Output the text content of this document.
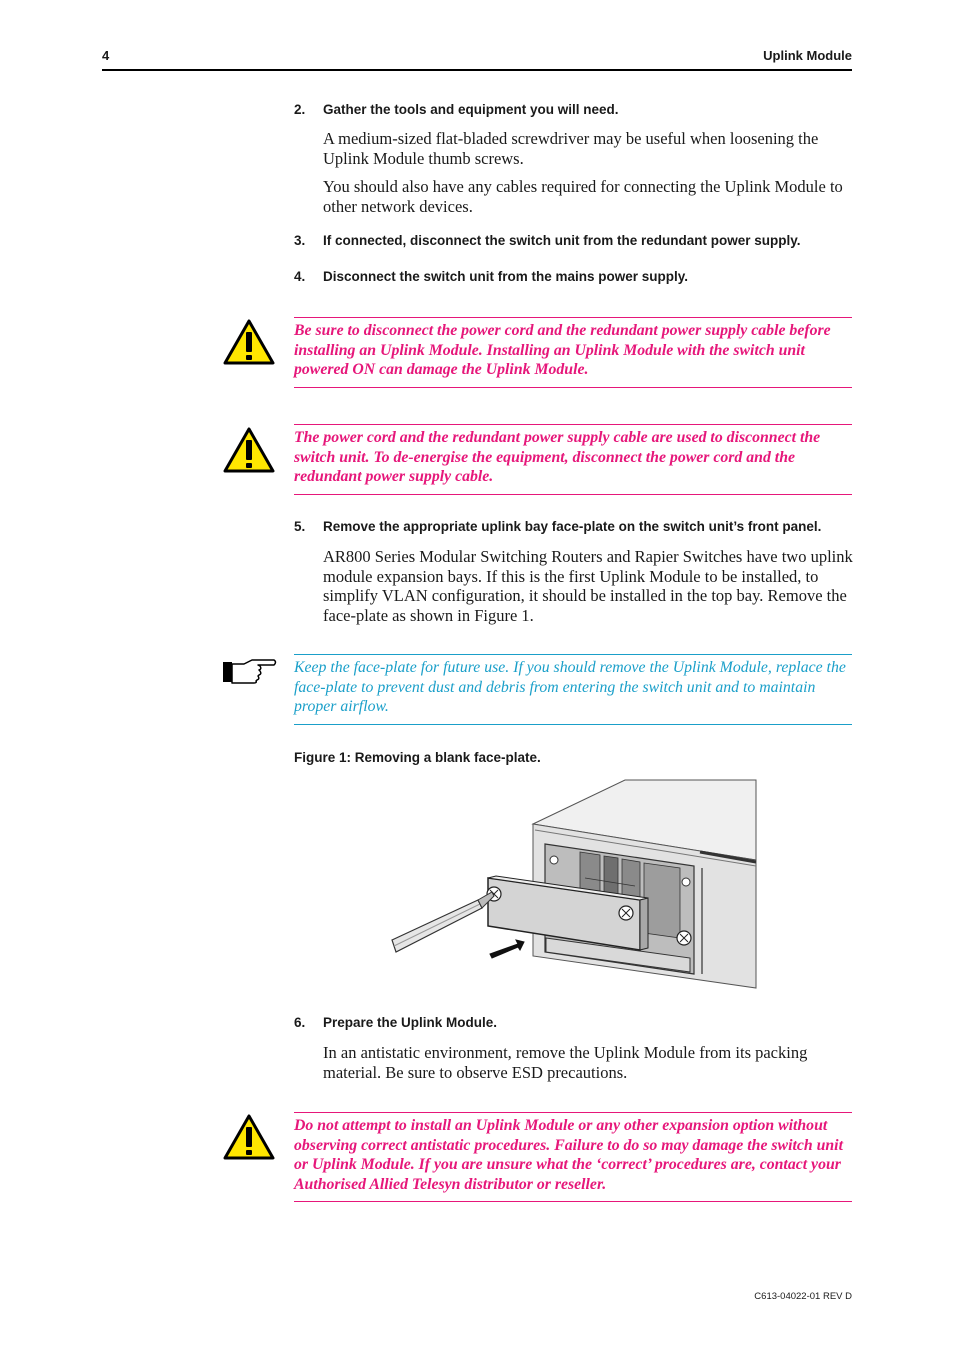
4	Uplink Module
2. Gather the tools and equipment you will need.
A medium-sized flat-bladed screwdriver may be useful when loosening the Uplink Module thumb screws.
You should also have any cables required for connecting the Uplink Module to other network devices.
3. If connected, disconnect the switch unit from the redundant power supply.
4. Disconnect the switch unit from the mains power supply.
Be sure to disconnect the power cord and the redundant power supply cable before installing an Uplink Module. Installing an Uplink Module with the switch unit powered ON can damage the Uplink Module.
The power cord and the redundant power supply cable are used to disconnect the switch unit. To de-energise the equipment, disconnect the power cord and the redundant power supply cable.
5. Remove the appropriate uplink bay face-plate on the switch unit’s front panel.
AR800 Series Modular Switching Routers and Rapier Switches have two uplink module expansion bays. If this is the first Uplink Module to be installed, to simplify VLAN configuration, it should be installed in the top bay. Remove the face-plate as shown in Figure 1.
Keep the face-plate for future use. If you should remove the Uplink Module, replace the face-plate to prevent dust and debris from entering the switch unit and to maintain proper airflow.
Figure 1: Removing a blank face-plate.
6. Prepare the Uplink Module.
In an antistatic environment, remove the Uplink Module from its packing material. Be sure to observe ESD precautions.
Do not attempt to install an Uplink Module or any other expansion option without observing correct antistatic procedures. Failure to do so may damage the switch unit or Uplink Module. If you are unsure what the ‘correct’ procedures are, contact your Authorised Allied Telesyn distributor or reseller.
C613-04022-01 REV D
